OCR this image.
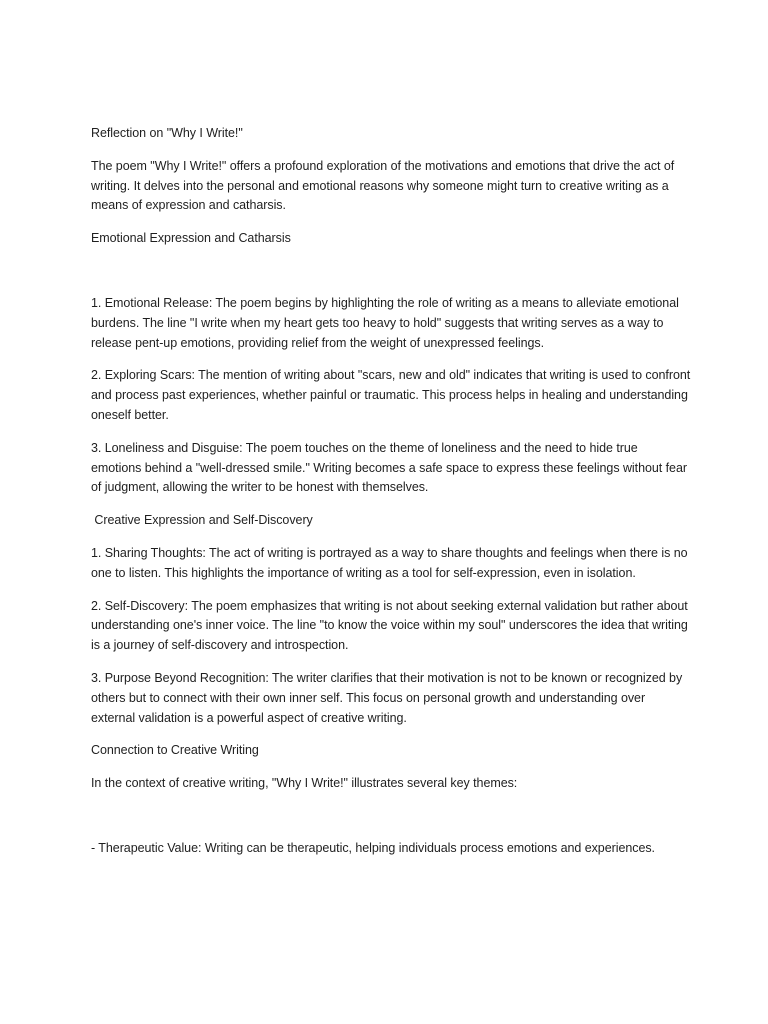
Reflection on "Why I Write!"

The poem "Why I Write!" offers a profound exploration of the motivations and emotions that drive the act of writing. It delves into the personal and emotional reasons why someone might turn to creative writing as a means of expression and catharsis.

Emotional Expression and Catharsis

1. Emotional Release: The poem begins by highlighting the role of writing as a means to alleviate emotional burdens. The line "I write when my heart gets too heavy to hold" suggests that writing serves as a way to release pent-up emotions, providing relief from the weight of unexpressed feelings.

2. Exploring Scars: The mention of writing about "scars, new and old" indicates that writing is used to confront and process past experiences, whether painful or traumatic. This process helps in healing and understanding oneself better.

3. Loneliness and Disguise: The poem touches on the theme of loneliness and the need to hide true emotions behind a "well-dressed smile." Writing becomes a safe space to express these feelings without fear of judgment, allowing the writer to be honest with themselves.

Creative Expression and Self-Discovery

1. Sharing Thoughts: The act of writing is portrayed as a way to share thoughts and feelings when there is no one to listen. This highlights the importance of writing as a tool for self-expression, even in isolation.

2. Self-Discovery: The poem emphasizes that writing is not about seeking external validation but rather about understanding one's inner voice. The line "to know the voice within my soul" underscores the idea that writing is a journey of self-discovery and introspection.

3. Purpose Beyond Recognition: The writer clarifies that their motivation is not to be known or recognized by others but to connect with their own inner self. This focus on personal growth and understanding over external validation is a powerful aspect of creative writing.

Connection to Creative Writing

In the context of creative writing, "Why I Write!" illustrates several key themes:

- Therapeutic Value: Writing can be therapeutic, helping individuals process emotions and experiences.
